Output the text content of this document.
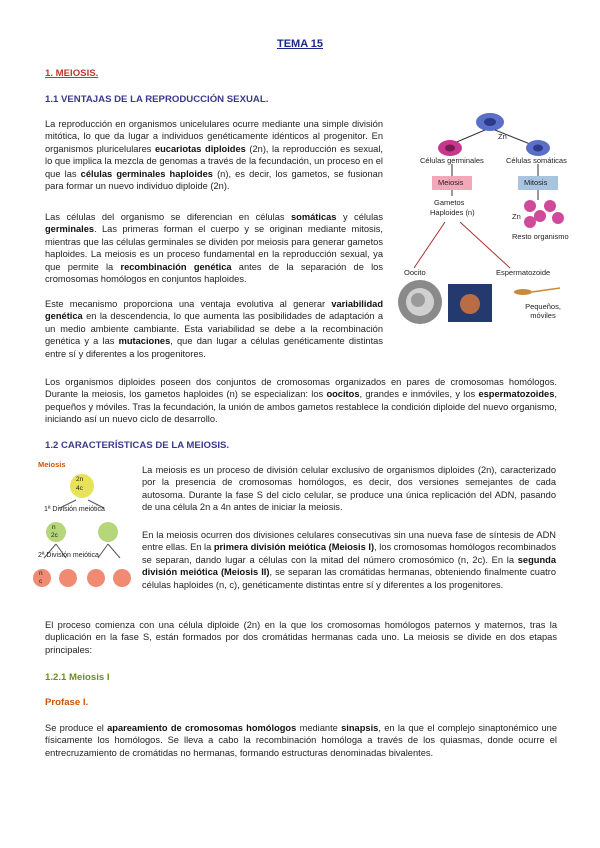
TEMA 15
1. MEIOSIS.
1.1 VENTAJAS DE LA REPRODUCCIÓN SEXUAL.
La reproducción en organismos unicelulares ocurre mediante una simple división mitótica, lo que da lugar a individuos genéticamente idénticos al progenitor. En organismos pluricelulares eucariotas diploides (2n), la reproducción es sexual, lo que implica la mezcla de genomas a través de la fecundación, un proceso en el que las células germinales haploides (n), es decir, los gametos, se fusionan para formar un nuevo individuo diploide (2n).
Las células del organismo se diferencian en células somáticas y células germinales. Las primeras forman el cuerpo y se originan mediante mitosis, mientras que las células germinales se dividen por meiosis para generar gametos haploides. La meiosis es un proceso fundamental en la reproducción sexual, ya que permite la recombinación genética antes de la separación de los cromosomas homólogos en conjuntos haploides.
Este mecanismo proporciona una ventaja evolutiva al generar variabilidad genética en la descendencia, lo que aumenta las posibilidades de adaptación a un medio ambiente cambiante. Esta variabilidad se debe a la recombinación genética y a las mutaciones, que dan lugar a células genéticamente distintas entre sí y diferentes a los progenitores.
Zn
Células germinales	Células somáticas
Meiosis	Mitosis
Gametos
Haploides (n)	Zn
Resto organismo
Oocito	Espermatozoide
Pequeños, móviles
Los organismos diploides poseen dos conjuntos de cromosomas organizados en pares de cromosomas homólogos. Durante la meiosis, los gametos haploides (n) se especializan: los oocitos, grandes e inmóviles, y los espermatozoides, pequeños y móviles. Tras la fecundación, la unión de ambos gametos restablece la condición diploide del nuevo organismo, iniciando así un nuevo ciclo de desarrollo.
1.2 CARACTERÍSTICAS DE LA MEIOSIS.
Meiosis
2n
4c
1ª División meiótica
n
2c
2ª División meiótica
n
c
La meiosis es un proceso de división celular exclusivo de organismos diploides (2n), caracterizado por la presencia de cromosomas homólogos, es decir, dos versiones semejantes de cada autosoma. Durante la fase S del ciclo celular, se produce una única replicación del ADN, pasando de una célula 2n a 4n antes de iniciar la meiosis.
En la meiosis ocurren dos divisiones celulares consecutivas sin una nueva fase de síntesis de ADN entre ellas. En la primera división meiótica (Meiosis I), los cromosomas homólogos recombinados se separan, dando lugar a células con la mitad del número cromosómico (n, 2c). En la segunda división meiótica (Meiosis II), se separan las cromátidas hermanas, obteniendo finalmente cuatro células haploides (n, c), genéticamente distintas entre sí y diferentes a los progenitores.
El proceso comienza con una célula diploide (2n) en la que los cromosomas homólogos paternos y maternos, tras la duplicación en la fase S, están formados por dos cromátidas hermanas cada uno. La meiosis se divide en dos etapas principales:
1.2.1 Meiosis I
Profase I.
Se produce el apareamiento de cromosomas homólogos mediante sinapsis, en la que el complejo sinaptonémico une físicamente los homólogos. Se lleva a cabo la recombinación homóloga a través de los quiasmas, donde ocurre el entrecruzamiento de cromátidas no hermanas, formando estructuras denominadas bivalentes.
